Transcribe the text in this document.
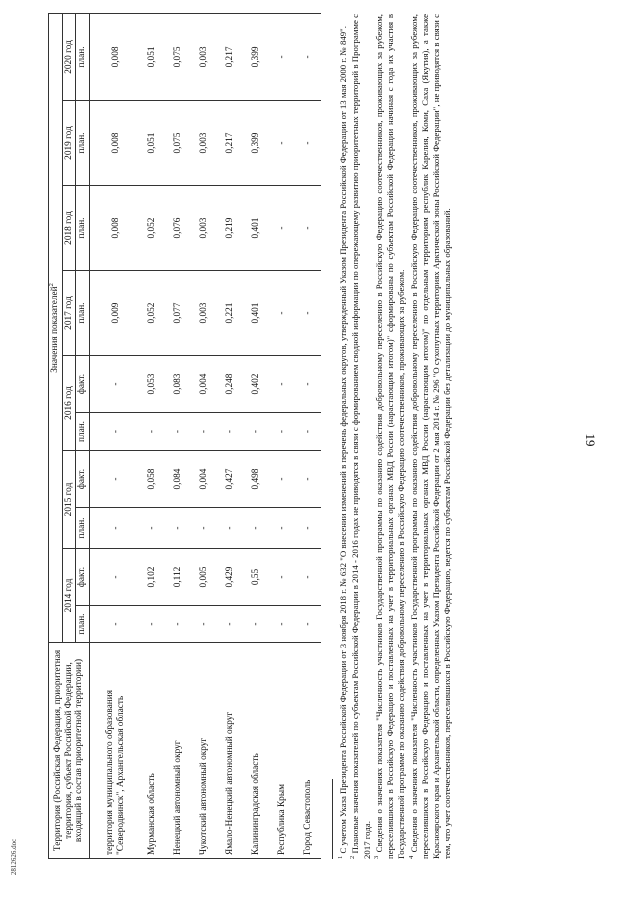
19
2812626.doc
Территория (Российская Федерация, приоритетная территория, субъект Российской Федерации, входящий в состав приоритетной территории)	Значения показателей$^2$
	2014 год		2015 год		2016 год		2017 год	2018 год	2019 год	2020 год
	план.	факт.	план.	факт.	план.	факт.	план.	план.	план.	план.
территория муниципального образования "Северодвинск", Архангельская область	-	-	-	-	-	-	0,009	0,008	0,008	0,008
Мурманская область	-	0,102	-	0,058	-	0,053	0,052	0,052	0,051	0,051
Ненецкий автономный округ	-	0,112	-	0,084	-	0,083	0,077	0,076	0,075	0,075
Чукотский автономный округ	-	0,005	-	0,004	-	0,004	0,003	0,003	0,003	0,003
Ямало-Ненецкий автономный округ	-	0,429	-	0,427	-	0,248	0,221	0,219	0,217	0,217
Калининградская область	-	0,55	-	0,498	-	0,402	0,401	0,401	0,399	0,399
Республика Крым	-	-	-	-	-	-	-	-	-	-
Город Севастополь	-	-	-	-	-	-	-	-	-	-

$^1$ С учетом Указа Президента Российской Федерации от 3 ноября 2018 г. № 632 "О внесении изменений в перечень федеральных округов, утвержденный Указом Президента Российской Федерации от 13 мая 2000 г. № 849".

$^2$ Плановые значения показателей по субъектам Российской Федерации в 2014 - 2016 годах не приводятся в связи с формированием сводной информации по опережающему развитию приоритетных территорий в Программе с 2017 года. $^3$ Сведения о значениях показателя "Численность участников Государственной программы по оказанию содействия добровольному переселению в Российскую Федерацию соотечественников, проживающих за рубежом, переселившихся в Российскую Федерацию и поставленных на учет в территориальных органах МВД России (нарастающим итогом)" сформированы по субъектам Российской Федерации начиная с года их участия в Государственной программе по оказанию содействия добровольному переселению в Российскую Федерацию соотечественников, проживающих за рубежом. $^4$ Сведения о значениях показателя "Численность участников Государственной программы по оказанию содействия добровольному переселению в Российскую Федерацию соотечественников, проживающих за рубежом, переселившихся в Российскую Федерацию и поставленных на учет в территориальных органах МВД России (нарастающим итогом)" по отдельным территориям республик Карелия, Коми, Саха (Якутия), а также Красноярского края и Архангельской области, определенных Указом Президента Российской Федерации от 2 мая 2014 г. № 296 "О сухопутных территориях Арктической зоны Российской Федерации", не приводятся в связи с тем, что учет соотечественников, переселившихся в Российскую Федерацию, ведется по субъектам Российской Федерации без детализации до муниципальных образований.
